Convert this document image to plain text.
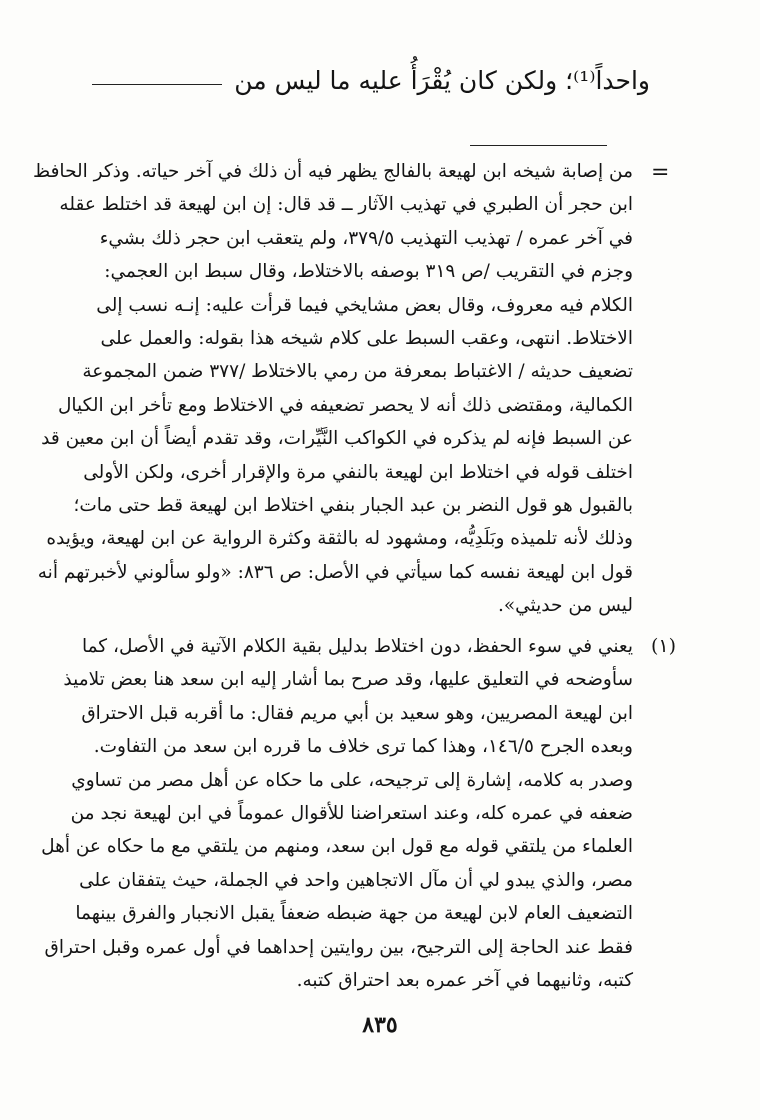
واحداً⁽¹⁾؛ ولكن كان يُقْرَأُ عليه ما ليس من
=
من إصابة شيخه ابن لهيعة بالفالج يظهر فيه أن ذلك في آخر حياته. وذكر الحافظ
ابن حجر أن الطبري في تهذيب الآثار ــ قد قال: إن ابن لهيعة قد اختلط عقله
في آخر عمره / تهذيب التهذيب ٣٧٩/٥، ولم يتعقب ابن حجر ذلك بشيء
وجزم في التقريب /ص ٣١٩ بوصفه بالاختلاط، وقال سبط ابن العجمي:
الكلام فيه معروف، وقال بعض مشايخي فيما قرأت عليه: إنـه نسب إلى
الاختلاط. انتهى، وعقب السبط على كلام شيخه هذا بقوله: والعمل على
تضعيف حديثه / الاغتباط بمعرفة من رمي بالاختلاط /٣٧٧ ضمن المجموعة
الكمالية، ومقتضى ذلك أنه لا يحصر تضعيفه في الاختلاط ومع تأخر ابن الكيال
عن السبط فإنه لم يذكره في الكواكب النَّيِّرات، وقد تقدم أيضاً أن ابن معين قد
اختلف قوله في اختلاط ابن لهيعة بالنفي مرة والإقرار أخرى، ولكن الأولى
بالقبول هو قول النضر بن عبد الجبار بنفي اختلاط ابن لهيعة قط حتى مات؛
وذلك لأنه تلميذه وبَلَدِيُّه، ومشهود له بالثقة وكثرة الرواية عن ابن لهيعة، ويؤيده
قول ابن لهيعة نفسه كما سيأتي في الأصل: ص ٨٣٦: «ولو سألوني لأخبرتهم أنه
ليس من حديثي».
(١)
يعني في سوء الحفظ، دون اختلاط بدليل بقية الكلام الآتية في الأصل، كما
سأوضحه في التعليق عليها، وقد صرح بما أشار إليه ابن سعد هنا بعض تلاميذ
ابن لهيعة المصريين، وهو سعيد بن أبي مريم فقال: ما أقربه قبل الاحتراق
وبعده الجرح ١٤٦/٥، وهذا كما ترى خلاف ما قرره ابن سعد من التفاوت.
وصدر به كلامه، إشارة إلى ترجيحه، على ما حكاه عن أهل مصر من تساوي
ضعفه في عمره كله، وعند استعراضنا للأقوال عموماً في ابن لهيعة نجد من
العلماء من يلتقي قوله مع قول ابن سعد، ومنهم من يلتقي مع ما حكاه عن أهل
مصر، والذي يبدو لي أن مآل الاتجاهين واحد في الجملة، حيث يتفقان على
التضعيف العام لابن لهيعة من جهة ضبطه ضعفاً يقبل الانجبار والفرق بينهما
فقط عند الحاجة إلى الترجيح، بين روايتين إحداهما في أول عمره وقبل احتراق
كتبه، وثانيهما في آخر عمره بعد احتراق كتبه.
٨٣٥
